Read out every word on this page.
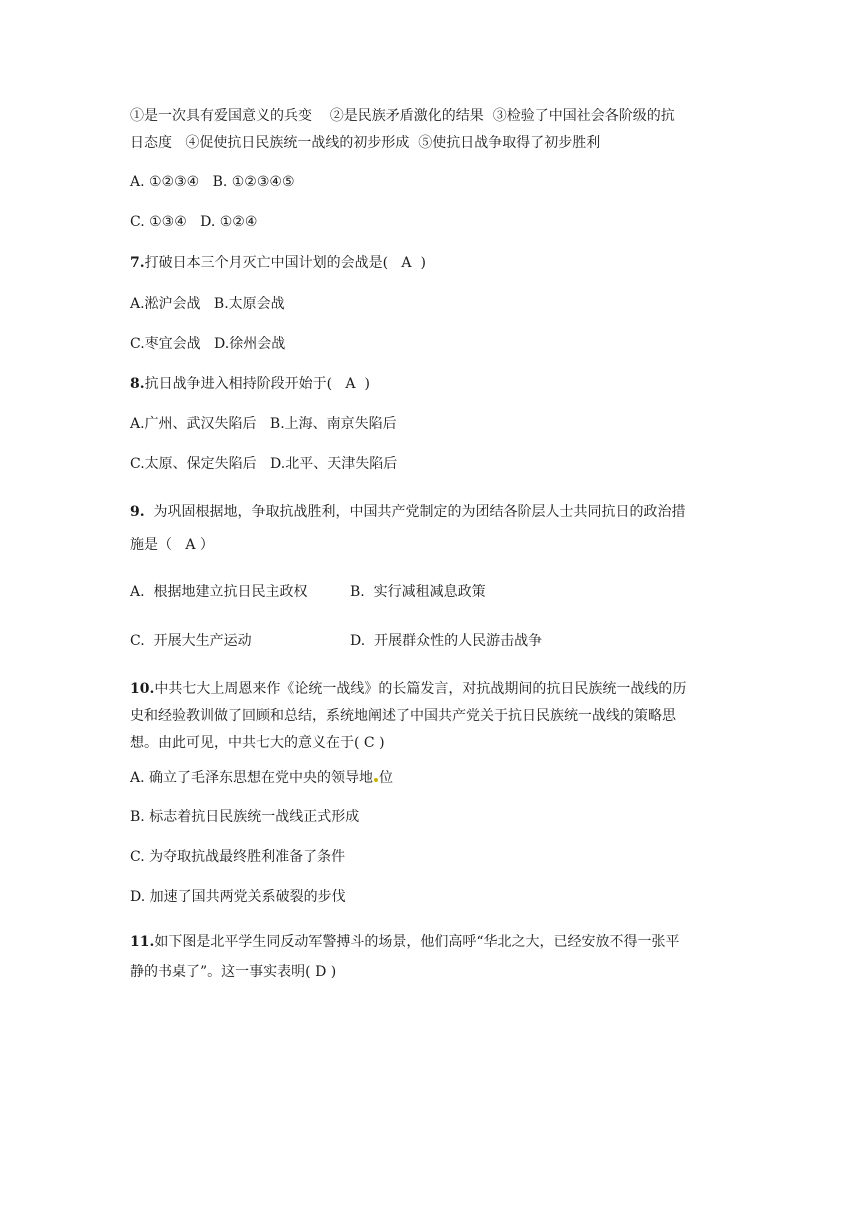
①是一次具有爱国意义的兵变    ②是民族矛盾激化的结果  ③检验了中国社会各阶级的抗
日态度   ④促使抗日民族统一战线的初步形成  ⑤使抗日战争取得了初步胜利
A. ①②③④   B. ①②③④⑤
C. ①③④   D. ①②④
7.打破日本三个月灭亡中国计划的会战是(   A  )
A.淞沪会战   B.太原会战
C.枣宜会战   D.徐州会战
8.抗日战争进入相持阶段开始于(   A  )
A.广州、武汉失陷后   B.上海、南京失陷后
C.太原、保定失陷后   D.北平、天津失陷后
9.  为巩固根据地，争取抗战胜利，中国共产党制定的为团结各阶层人士共同抗日的政治措
施是（   A ）
A.  根据地建立抗日民主政权	B.  实行减租减息政策
C.  开展大生产运动	D.  开展群众性的人民游击战争
10.中共七大上周恩来作《论统一战线》的长篇发言，对抗战期间的抗日民族统一战线的历
史和经验教训做了回顾和总结，系统地阐述了中国共产党关于抗日民族统一战线的策略思
想。由此可见，中共七大的意义在于( C )
A. 确立了毛泽东思想在党中央的领导地 位
B. 标志着抗日民族统一战线正式形成
C. 为夺取抗战最终胜利准备了条件
D. 加速了国共两党关系破裂的步伐
11.如下图是北平学生同反动军警搏斗的场景，他们高呼“华北之大，已经安放不得一张平
静的书桌了”。这一事实表明( D )
